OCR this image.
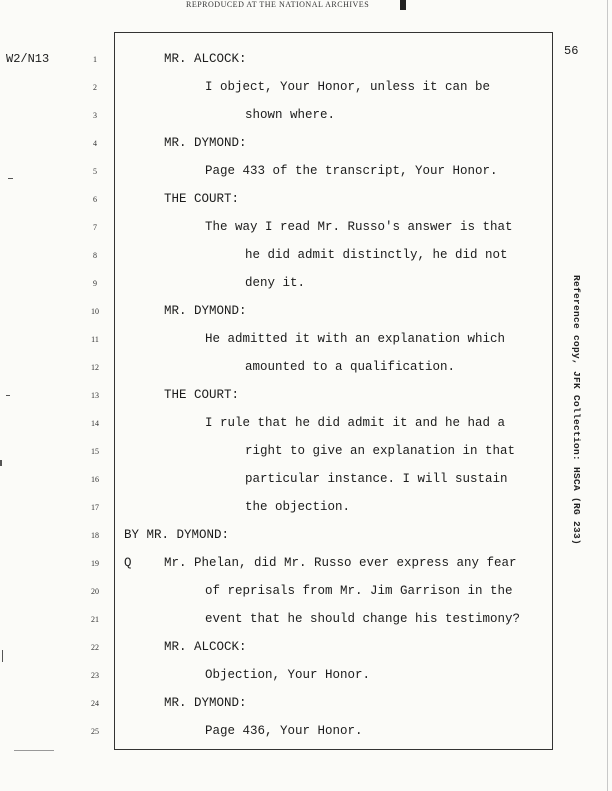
REPRODUCED AT THE NATIONAL ARCHIVES
W2/N13
56
Reference copy, JFK Collection: HSCA (RG 233)
1	MR. ALCOCK:
2	I object, Your Honor, unless it can be
3	shown where.
4	MR. DYMOND:
5	Page 433 of the transcript, Your Honor.
6	THE COURT:
7	The way I read Mr. Russo's answer is that
8	he did admit distinctly, he did not
9	deny it.
10	MR. DYMOND:
11	He admitted it with an explanation which
12	amounted to a qualification.
13	THE COURT:
14	I rule that he did admit it and he had a
15	right to give an explanation in that
16	particular instance. I will sustain
17	the objection.
18	BY MR. DYMOND:
19	Q	Mr. Phelan, did Mr. Russo ever express any fear
20	of reprisals from Mr. Jim Garrison in the
21	event that he should change his testimony?
22	MR. ALCOCK:
23	Objection, Your Honor.
24	MR. DYMOND:
25	Page 436, Your Honor.
